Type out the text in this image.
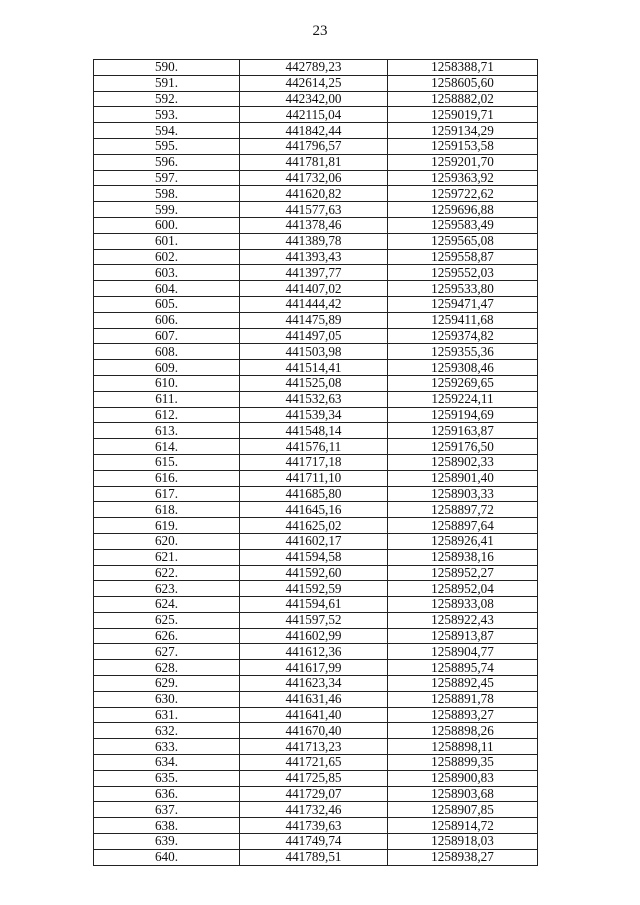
23
590.	442789,23	1258388,71
591.	442614,25	1258605,60
592.	442342,00	1258882,02
593.	442115,04	1259019,71
594.	441842,44	1259134,29
595.	441796,57	1259153,58
596.	441781,81	1259201,70
597.	441732,06	1259363,92
598.	441620,82	1259722,62
599.	441577,63	1259696,88
600.	441378,46	1259583,49
601.	441389,78	1259565,08
602.	441393,43	1259558,87
603.	441397,77	1259552,03
604.	441407,02	1259533,80
605.	441444,42	1259471,47
606.	441475,89	1259411,68
607.	441497,05	1259374,82
608.	441503,98	1259355,36
609.	441514,41	1259308,46
610.	441525,08	1259269,65
611.	441532,63	1259224,11
612.	441539,34	1259194,69
613.	441548,14	1259163,87
614.	441576,11	1259176,50
615.	441717,18	1258902,33
616.	441711,10	1258901,40
617.	441685,80	1258903,33
618.	441645,16	1258897,72
619.	441625,02	1258897,64
620.	441602,17	1258926,41
621.	441594,58	1258938,16
622.	441592,60	1258952,27
623.	441592,59	1258952,04
624.	441594,61	1258933,08
625.	441597,52	1258922,43
626.	441602,99	1258913,87
627.	441612,36	1258904,77
628.	441617,99	1258895,74
629.	441623,34	1258892,45
630.	441631,46	1258891,78
631.	441641,40	1258893,27
632.	441670,40	1258898,26
633.	441713,23	1258898,11
634.	441721,65	1258899,35
635.	441725,85	1258900,83
636.	441729,07	1258903,68
637.	441732,46	1258907,85
638.	441739,63	1258914,72
639.	441749,74	1258918,03
640.	441789,51	1258938,27
